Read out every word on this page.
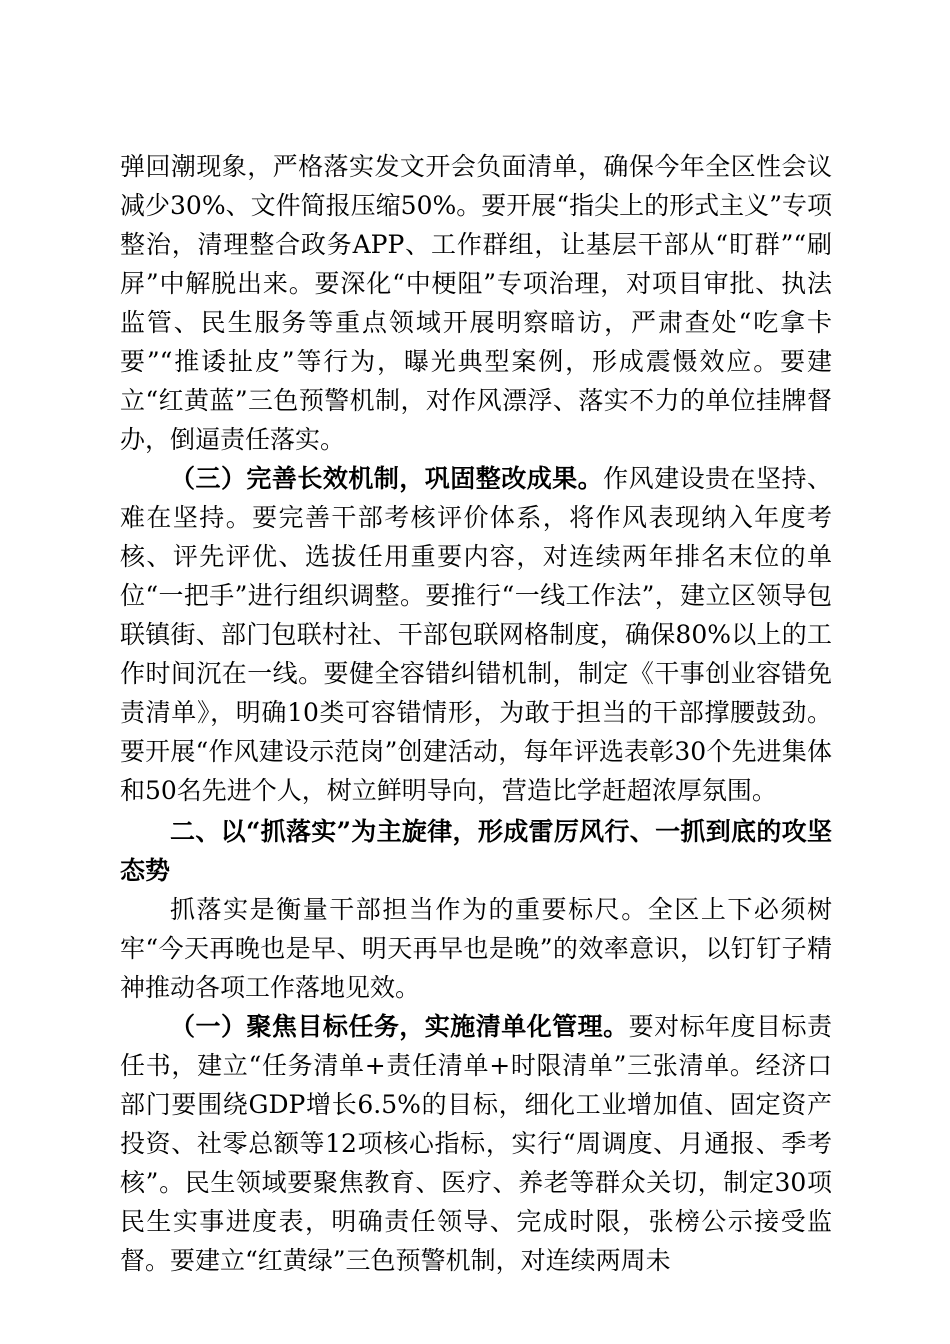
弹回潮现象，严格落实发文开会负面清单，确保今年全区性会议减少30%、文件简报压缩50%。要开展“指尖上的形式主义”专项整治，清理整合政务APP、工作群组，让基层干部从“盯群”“刷屏”中解脱出来。要深化“中梗阻”专项治理，对项目审批、执法监管、民生服务等重点领域开展明察暗访，严肃查处“吃拿卡要”“推诿扯皮”等行为，曝光典型案例，形成震慑效应。要建立“红黄蓝”三色预警机制，对作风漂浮、落实不力的单位挂牌督办，倒逼责任落实。

（三）完善长效机制，巩固整改成果。作风建设贵在坚持、难在坚持。要完善干部考核评价体系，将作风表现纳入年度考核、评先评优、选拔任用重要内容，对连续两年排名末位的单位“一把手”进行组织调整。要推行“一线工作法”，建立区领导包联镇街、部门包联村社、干部包联网格制度，确保80%以上的工作时间沉在一线。要健全容错纠错机制，制定《干事创业容错免责清单》，明确10类可容错情形，为敢于担当的干部撑腰鼓劲。要开展“作风建设示范岗”创建活动，每年评选表彰30个先进集体和50名先进个人，树立鲜明导向，营造比学赶超浓厚氛围。

二、以“抓落实”为主旋律，形成雷厉风行、一抓到底的攻坚态势

抓落实是衡量干部担当作为的重要标尺。全区上下必须树牢“今天再晚也是早、明天再早也是晚”的效率意识，以钉钉子精神推动各项工作落地见效。

（一）聚焦目标任务，实施清单化管理。要对标年度目标责任书，建立“任务清单+责任清单+时限清单”三张清单。经济口部门要围绕GDP增长6.5%的目标，细化工业增加值、固定资产投资、社零总额等12项核心指标，实行“周调度、月通报、季考核”。民生领域要聚焦教育、医疗、养老等群众关切，制定30项民生实事进度表，明确责任领导、完成时限，张榜公示接受监督。要建立“红黄绿”三色预警机制，对连续两周未
